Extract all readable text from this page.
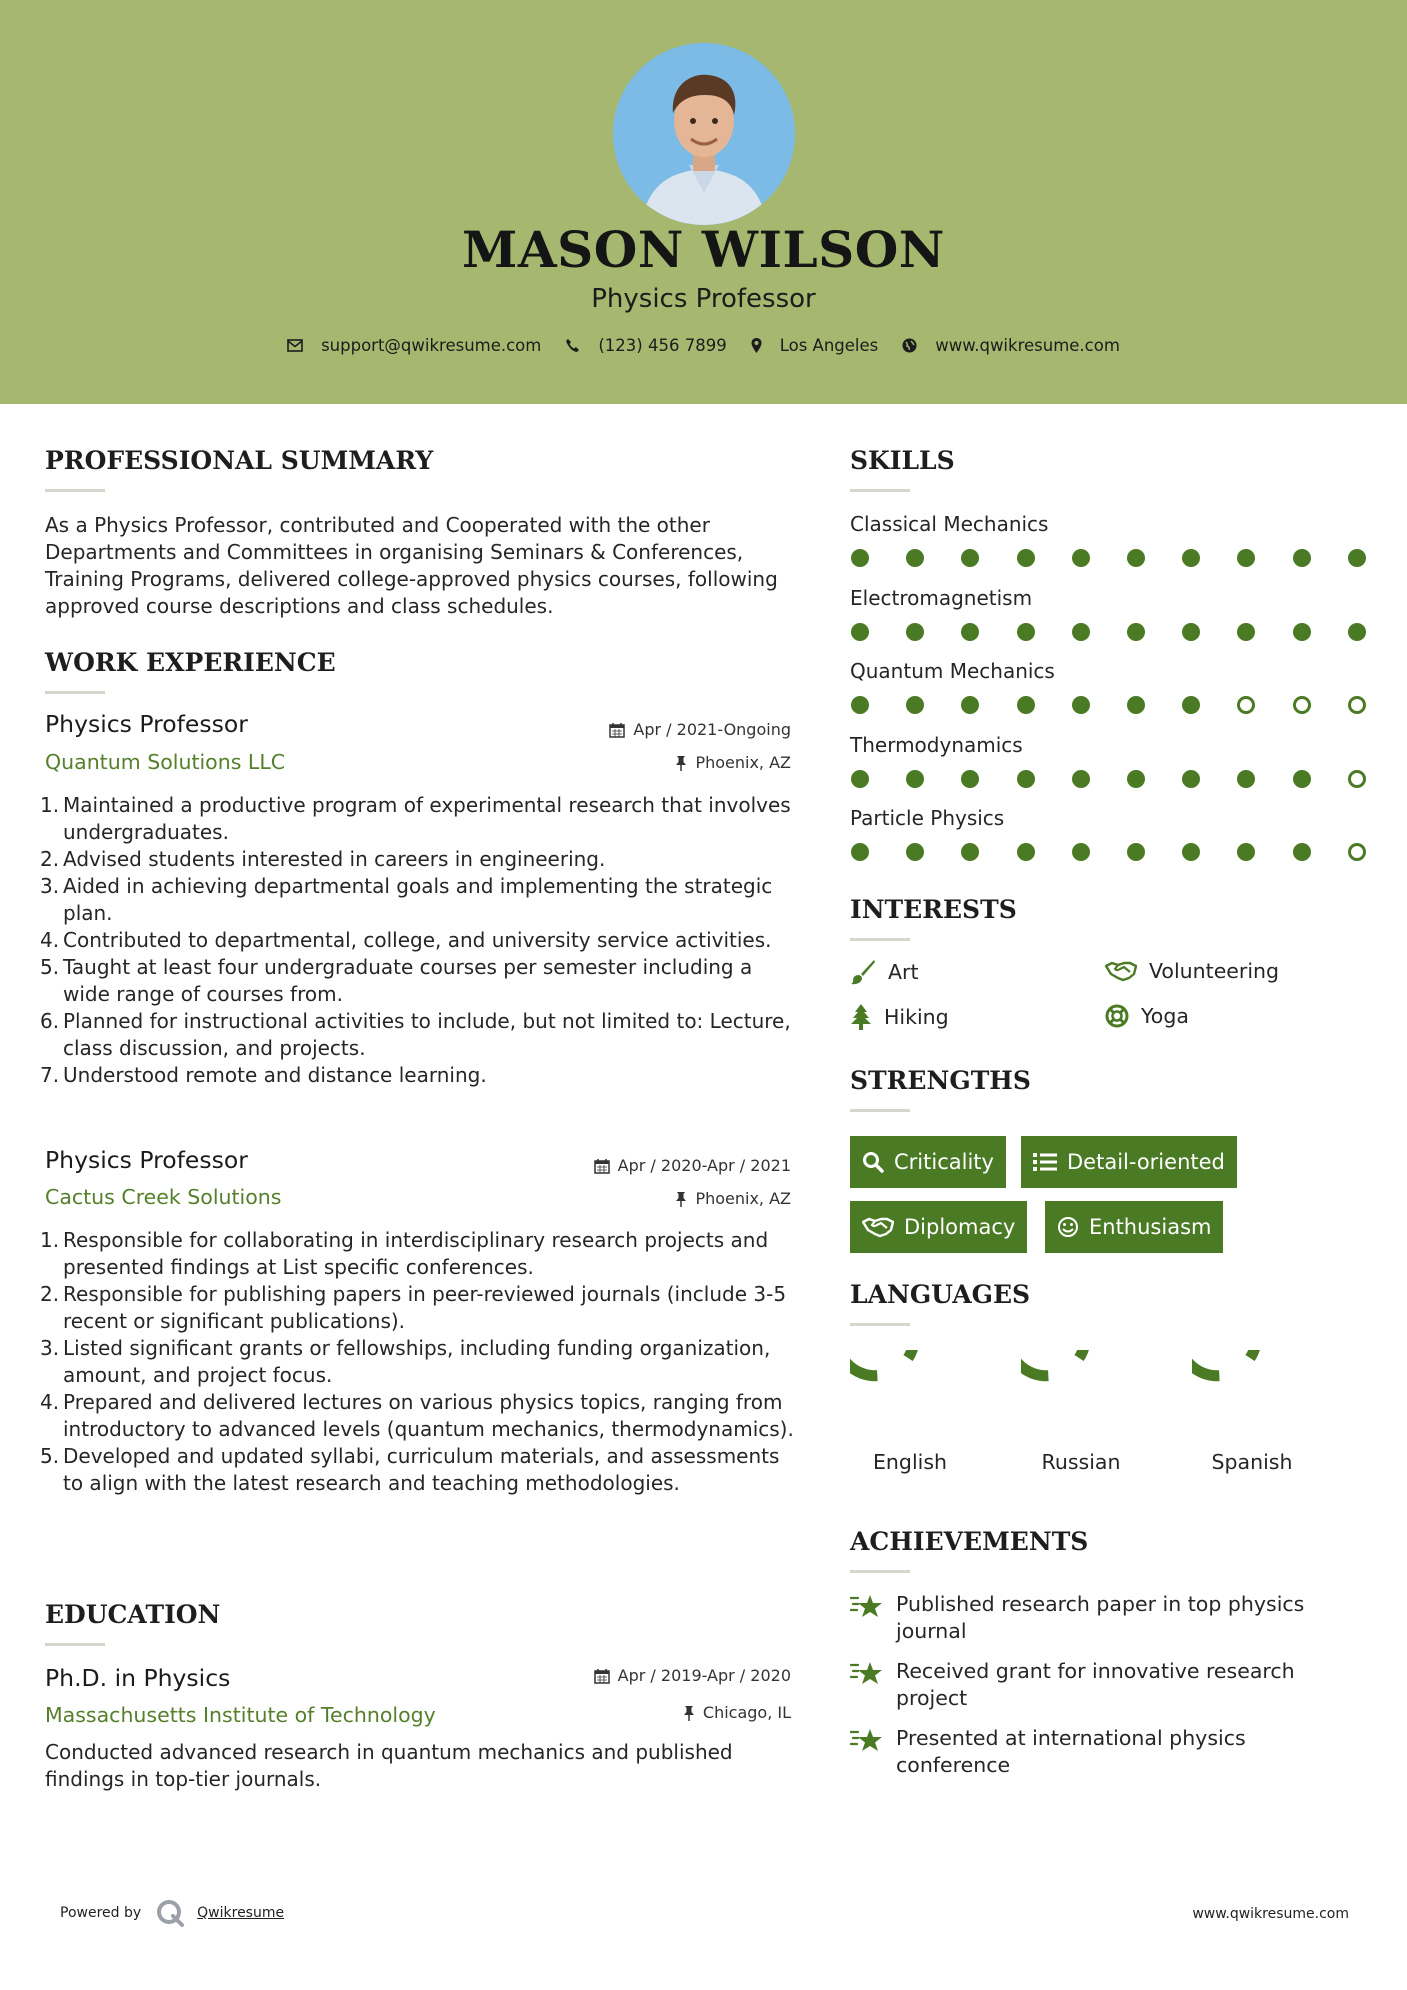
MASON WILSON
Physics Professor
support@qwikresume.com	(123) 456 7899	Los Angeles	www.qwikresume.com
PROFESSIONAL SUMMARY
As a Physics Professor, contributed and Cooperated with the other Departments and Committees in organising Seminars & Conferences, Training Programs, delivered college-approved physics courses, following approved course descriptions and class schedules.
WORK EXPERIENCE
Physics Professor
Quantum Solutions LLC
Apr / 2021-Ongoing
Phoenix, AZ
1. Maintained a productive program of experimental research that involves undergraduates.
2. Advised students interested in careers in engineering.
3. Aided in achieving departmental goals and implementing the strategic plan.
4. Contributed to departmental, college, and university service activities.
5. Taught at least four undergraduate courses per semester including a wide range of courses from.
6. Planned for instructional activities to include, but not limited to: Lecture, class discussion, and projects.
7. Understood remote and distance learning.
Physics Professor
Cactus Creek Solutions
Apr / 2020-Apr / 2021
Phoenix, AZ
1. Responsible for collaborating in interdisciplinary research projects and presented findings at List specific conferences.
2. Responsible for publishing papers in peer-reviewed journals (include 3-5 recent or significant publications).
3. Listed significant grants or fellowships, including funding organization, amount, and project focus.
4. Prepared and delivered lectures on various physics topics, ranging from introductory to advanced levels (quantum mechanics, thermodynamics).
5. Developed and updated syllabi, curriculum materials, and assessments to align with the latest research and teaching methodologies.
EDUCATION
Ph.D. in Physics
Massachusetts Institute of Technology
Apr / 2019-Apr / 2020
Chicago, IL
Conducted advanced research in quantum mechanics and published findings in top-tier journals.
SKILLS
Classical Mechanics
Electromagnetism
Quantum Mechanics
Thermodynamics
Particle Physics
INTERESTS
Art	Volunteering
Hiking	Yoga
STRENGTHS
Criticality	Detail-oriented
Diplomacy	Enthusiasm
LANGUAGES
English	Russian	Spanish
ACHIEVEMENTS
Published research paper in top physics journal
Received grant for innovative research project
Presented at international physics conference
Powered by	Qwikresume	www.qwikresume.com
